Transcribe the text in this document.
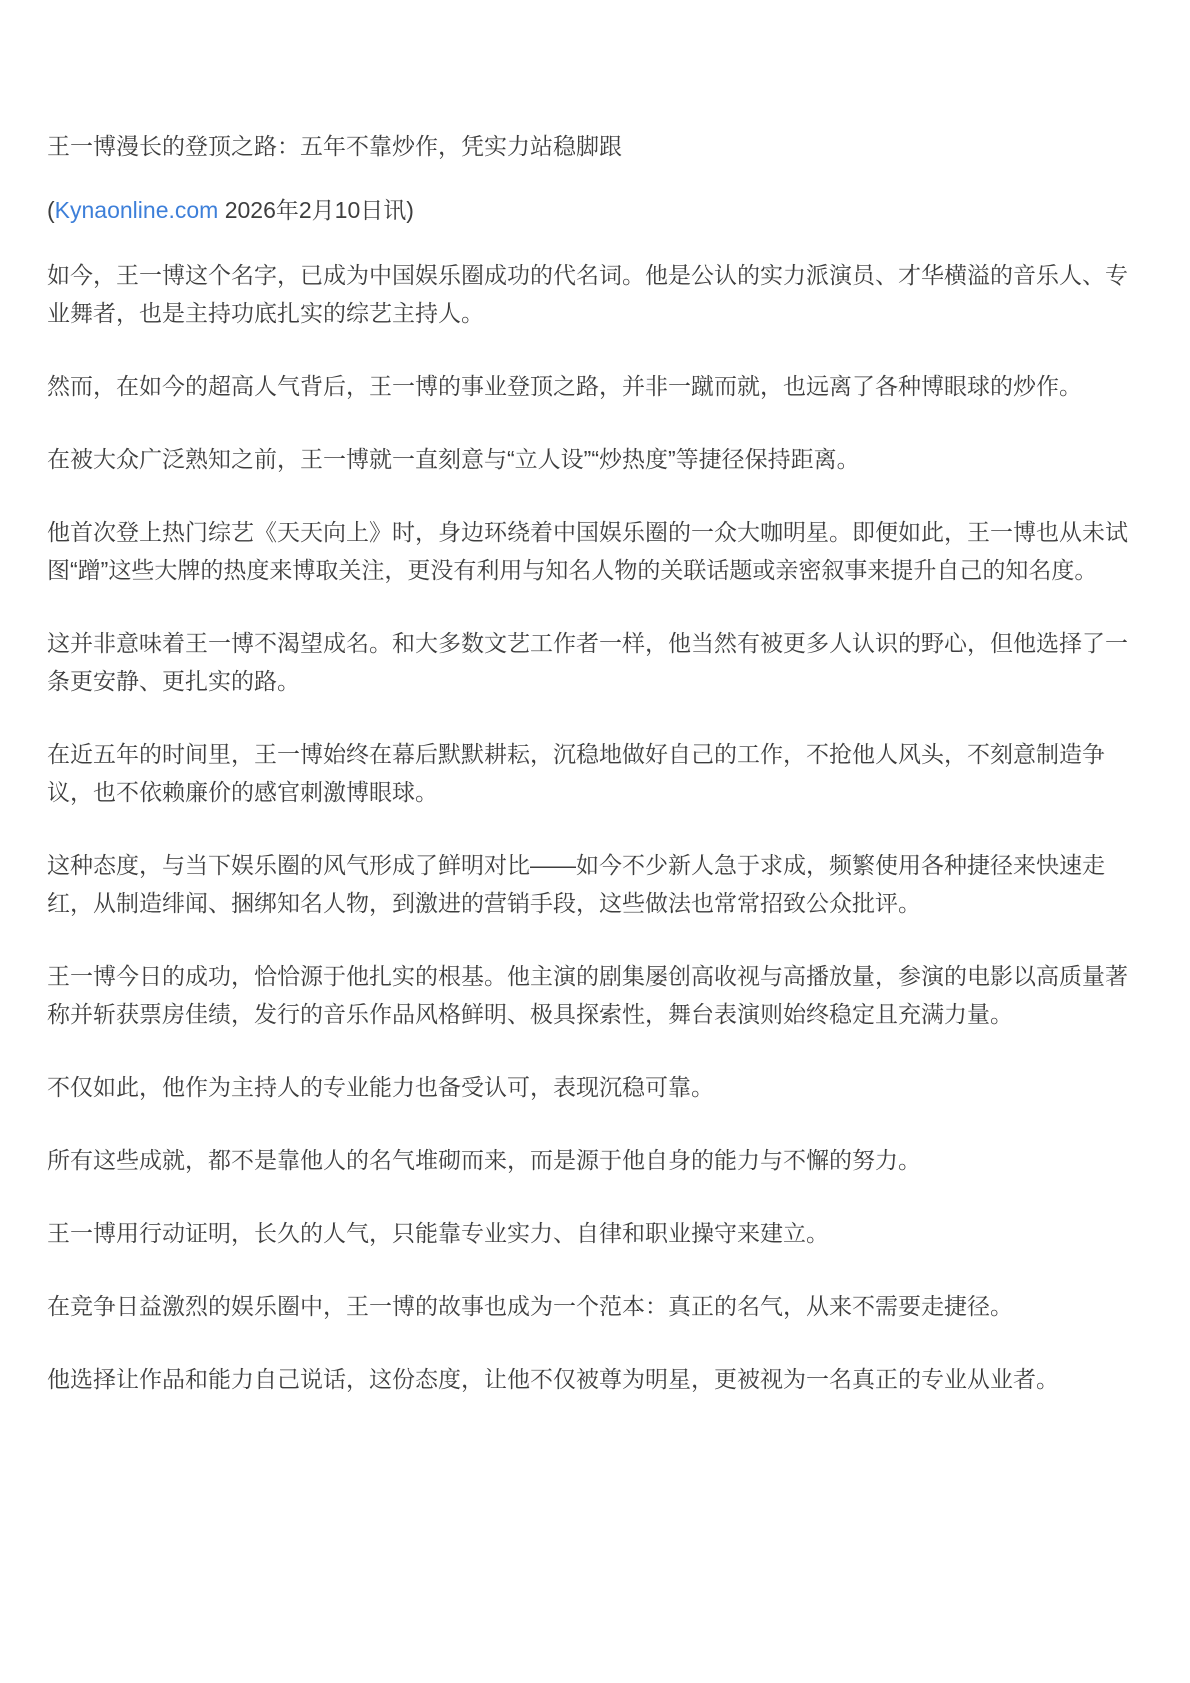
王一博漫长的登顶之路：五年不靠炒作，凭实力站稳脚跟

(Kynaonline.com 2026年2月10日讯)

如今，王一博这个名字，已成为中国娱乐圈成功的代名词。他是公认的实力派演员、才华横溢的音乐人、专业舞者，也是主持功底扎实的综艺主持人。

然而，在如今的超高人气背后，王一博的事业登顶之路，并非一蹴而就，也远离了各种博眼球的炒作。

在被大众广泛熟知之前，王一博就一直刻意与“立人设”“炒热度”等捷径保持距离。

他首次登上热门综艺《天天向上》时，身边环绕着中国娱乐圈的一众大咖明星。即便如此，王一博也从未试图“蹭”这些大牌的热度来博取关注，更没有利用与知名人物的关联话题或亲密叙事来提升自己的知名度。

这并非意味着王一博不渴望成名。和大多数文艺工作者一样，他当然有被更多人认识的野心，但他选择了一条更安静、更扎实的路。

在近五年的时间里，王一博始终在幕后默默耕耘，沉稳地做好自己的工作，不抢他人风头，不刻意制造争议，也不依赖廉价的感官刺激博眼球。

这种态度，与当下娱乐圈的风气形成了鲜明对比——如今不少新人急于求成，频繁使用各种捷径来快速走红，从制造绯闻、捆绑知名人物，到激进的营销手段，这些做法也常常招致公众批评。

王一博今日的成功，恰恰源于他扎实的根基。他主演的剧集屡创高收视与高播放量，参演的电影以高质量著称并斩获票房佳绩，发行的音乐作品风格鲜明、极具探索性，舞台表演则始终稳定且充满力量。

不仅如此，他作为主持人的专业能力也备受认可，表现沉稳可靠。

所有这些成就，都不是靠他人的名气堆砌而来，而是源于他自身的能力与不懈的努力。

王一博用行动证明，长久的人气，只能靠专业实力、自律和职业操守来建立。

在竞争日益激烈的娱乐圈中，王一博的故事也成为一个范本：真正的名气，从来不需要走捷径。

他选择让作品和能力自己说话，这份态度，让他不仅被尊为明星，更被视为一名真正的专业从业者。
